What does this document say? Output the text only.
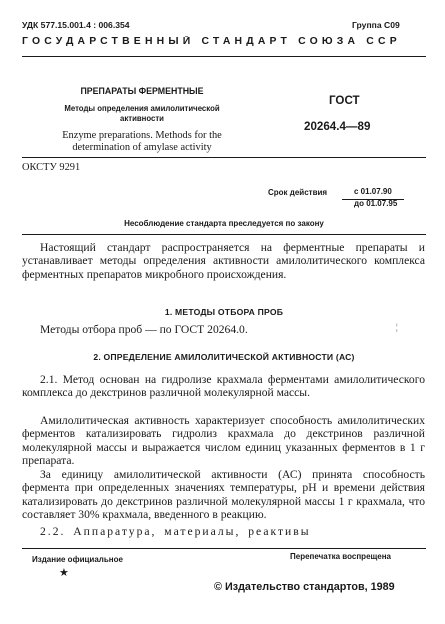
УДК 577.15.001.4 : 006.354	Группа С09
ГОСУДАРСТВЕННЫЙ СТАНДАРТ СОЮЗА ССР
ПРЕПАРАТЫ ФЕРМЕНТНЫЕ
Методы определения амилолитической
активности
Enzyme preparations. Methods for the
determination of amylase activity
ГОСТ
20264.4—89
ОКСТУ 9291
Срок действия	с 01.07.90
до 01.07.95
Несоблюдение стандарта преследуется по закону
Настоящий стандарт распространяется на ферментные препараты и устанавливает методы определения активности амилолитического комплекса ферментных препаратов микробного происхождения.
1. МЕТОДЫ ОТБОРА ПРОБ
Методы отбора проб — по ГОСТ 20264.0.	¦
2. ОПРЕДЕЛЕНИЕ АМИЛОЛИТИЧЕСКОЙ АКТИВНОСТИ (АС)
2.1. Метод основан на гидролизе крахмала ферментами амилолитического комплекса до декстринов различной молекулярной массы.
Амилолитическая активность характеризует способность амилолитических ферментов катализировать гидролиз крахмала до декстринов различной молекулярной массы и выражается числом единиц указанных ферментов в 1 г препарата.
За единицу амилолитической активности (АС) принята способность фермента при определенных значениях температуры, рН и времени действия катализировать до декстринов различной молекулярной массы 1 г крахмала, что составляет 30% крахмала, введенного в реакцию.
2.2. Аппаратура, материалы, реактивы
Издание официальное	Перепечатка воспрещена
★
© Издательство стандартов, 1989
